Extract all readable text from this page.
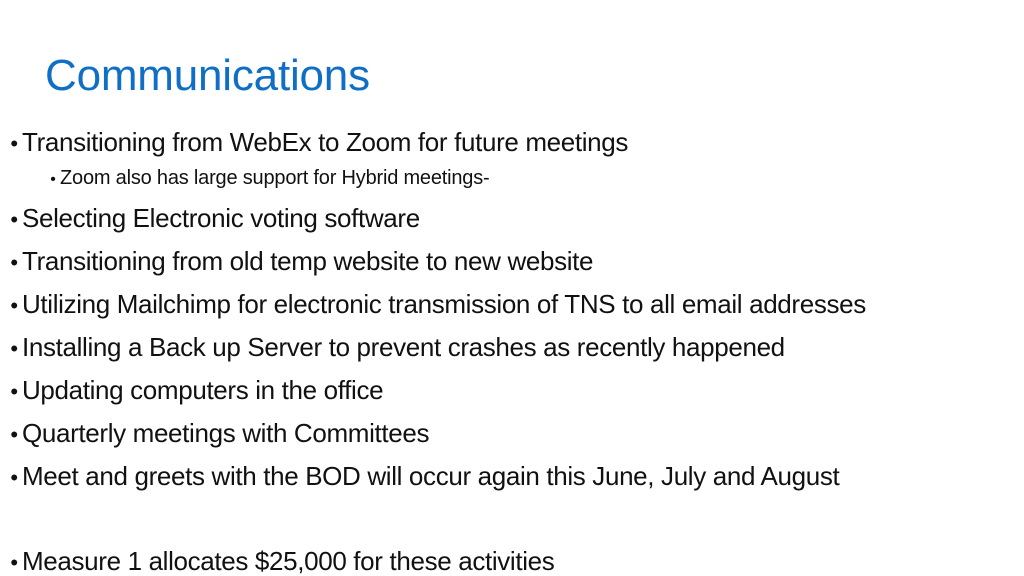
Communications
• Transitioning from WebEx to Zoom for future meetings
• Zoom also has large support for Hybrid meetings-
• Selecting Electronic voting software
• Transitioning from old temp website to new website
• Utilizing Mailchimp for electronic transmission of TNS to all email addresses
• Installing a Back up Server to prevent crashes as recently happened
• Updating computers in the office
• Quarterly meetings with Committees
• Meet and greets with the BOD will occur again this June, July and August
• Measure 1 allocates $25,000 for these activities
